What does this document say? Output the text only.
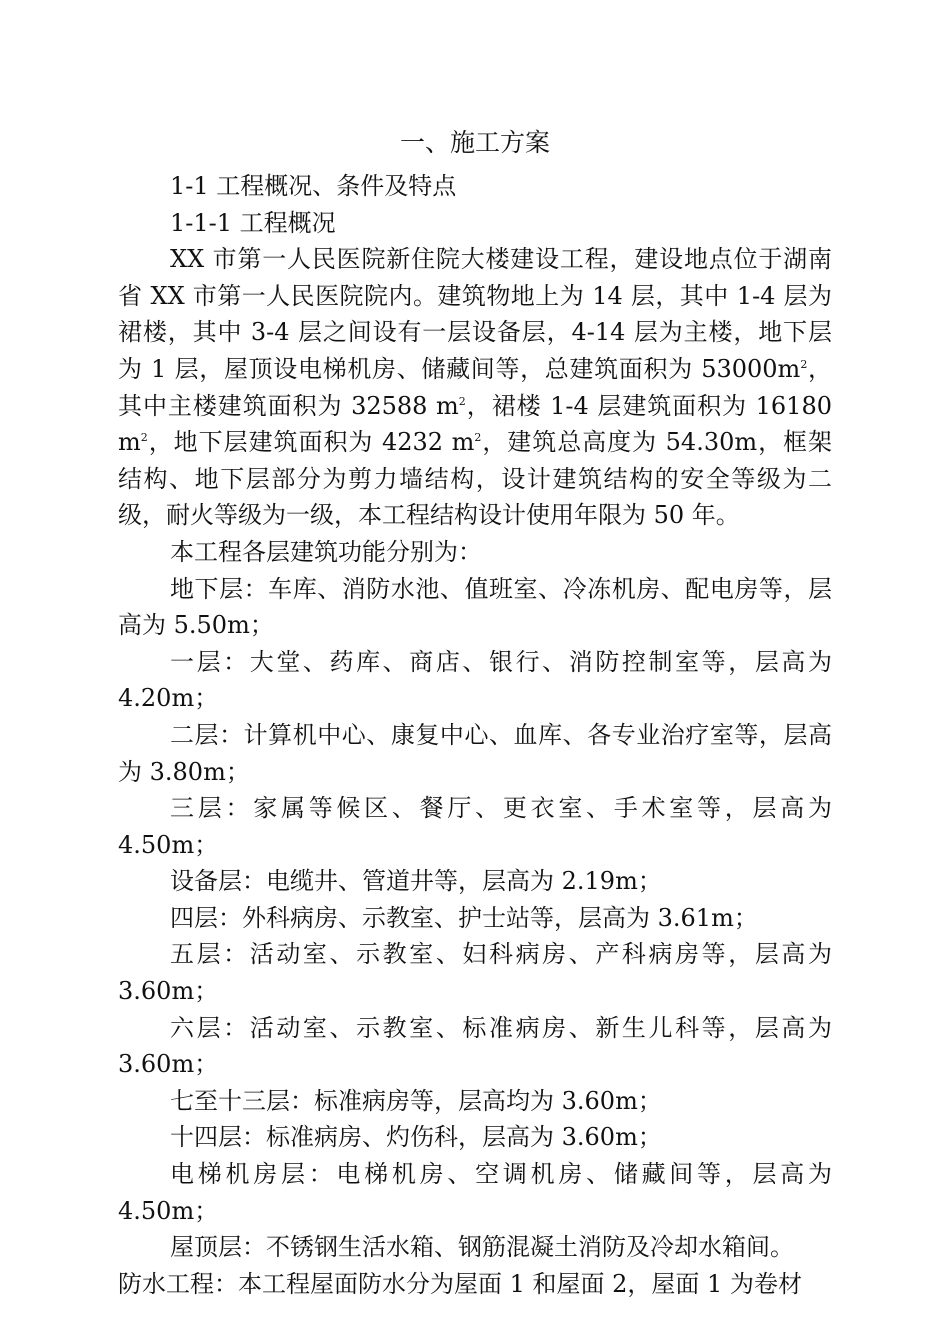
一、施工方案

1-1 工程概况、条件及特点

1-1-1 工程概况

XX 市第一人民医院新住院大楼建设工程，建设地点位于湖南省 XX 市第一人民医院院内。建筑物地上为 14 层，其中 1-4 层为裙楼，其中 3-4 层之间设有一层设备层，4-14 层为主楼，地下层为 1 层，屋顶设电梯机房、储藏间等，总建筑面积为 $53000m^2$，其中主楼建筑面积为 32588 $m^2$，裙楼 1-4 层建筑面积为 16180 $m^2$，地下层建筑面积为 4232 $m^2$，建筑总高度为 54.30m，框架结构、地下层部分为剪力墙结构，设计建筑结构的安全等级为二级，耐火等级为一级，本工程结构设计使用年限为 50 年。

本工程各层建筑功能分别为：

地下层：车库、消防水池、值班室、冷冻机房、配电房等，层高为 5.50m；

一层：大堂、药库、商店、银行、消防控制室等，层高为 4.20m；

二层：计算机中心、康复中心、血库、各专业治疗室等，层高为 3.80m；

三层：家属等候区、餐厅、更衣室、手术室等，层高为 4.50m；

设备层：电缆井、管道井等，层高为 2.19m；

四层：外科病房、示教室、护士站等，层高为 3.61m；

五层：活动室、示教室、妇科病房、产科病房等，层高为 3.60m；

六层：活动室、示教室、标准病房、新生儿科等，层高为 3.60m；

七至十三层：标准病房等，层高均为 3.60m；

十四层：标准病房、灼伤科，层高为 3.60m；

电梯机房层：电梯机房、空调机房、储藏间等，层高为 4.50m；

屋顶层：不锈钢生活水箱、钢筋混凝土消防及冷却水箱间。

防水工程：本工程屋面防水分为屋面 1 和屋面 2，屋面 1 为卷材
